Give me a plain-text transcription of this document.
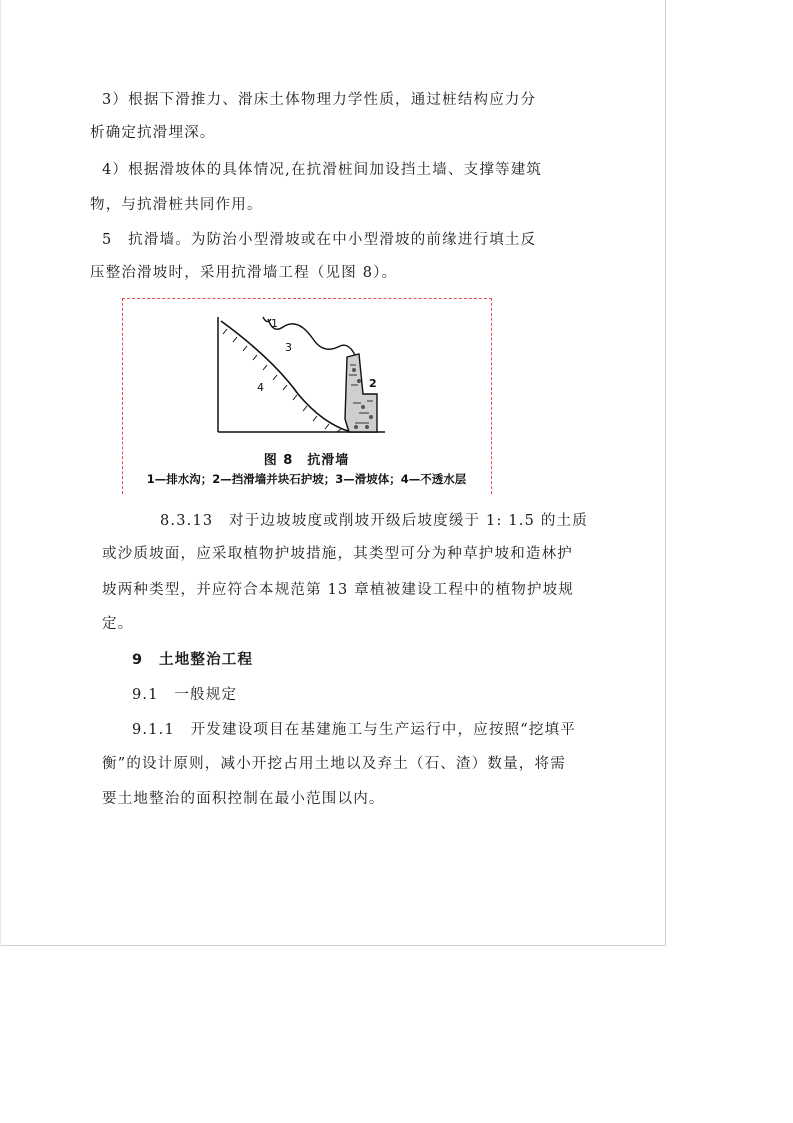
3）根据下滑推力、滑床土体物理力学性质，通过桩结构应力分

析确定抗滑埋深。

4）根据滑坡体的具体情况,在抗滑桩间加设挡土墙、支撑等建筑

物，与抗滑桩共同作用。

5　抗滑墙。为防治小型滑坡或在中小型滑坡的前缘进行填土反

压整治滑坡时，采用抗滑墙工程（见图 8）。

1
2
3
4
图 8　抗滑墙
1—排水沟；2—挡滑墙并块石护坡；3—滑坡体；4—不透水层

8.3.13　对于边坡坡度或削坡开级后坡度缓于 1: 1.5 的土质

或沙质坡面，应采取植物护坡措施，其类型可分为种草护坡和造林护

坡两种类型，并应符合本规范第 13 章植被建设工程中的植物护坡规

定。

9　土地整治工程

9.1　一般规定

9.1.1　开发建设项目在基建施工与生产运行中，应按照“挖填平

衡”的设计原则，减小开挖占用土地以及弃土（石、渣）数量，将需

要土地整治的面积控制在最小范围以内。
